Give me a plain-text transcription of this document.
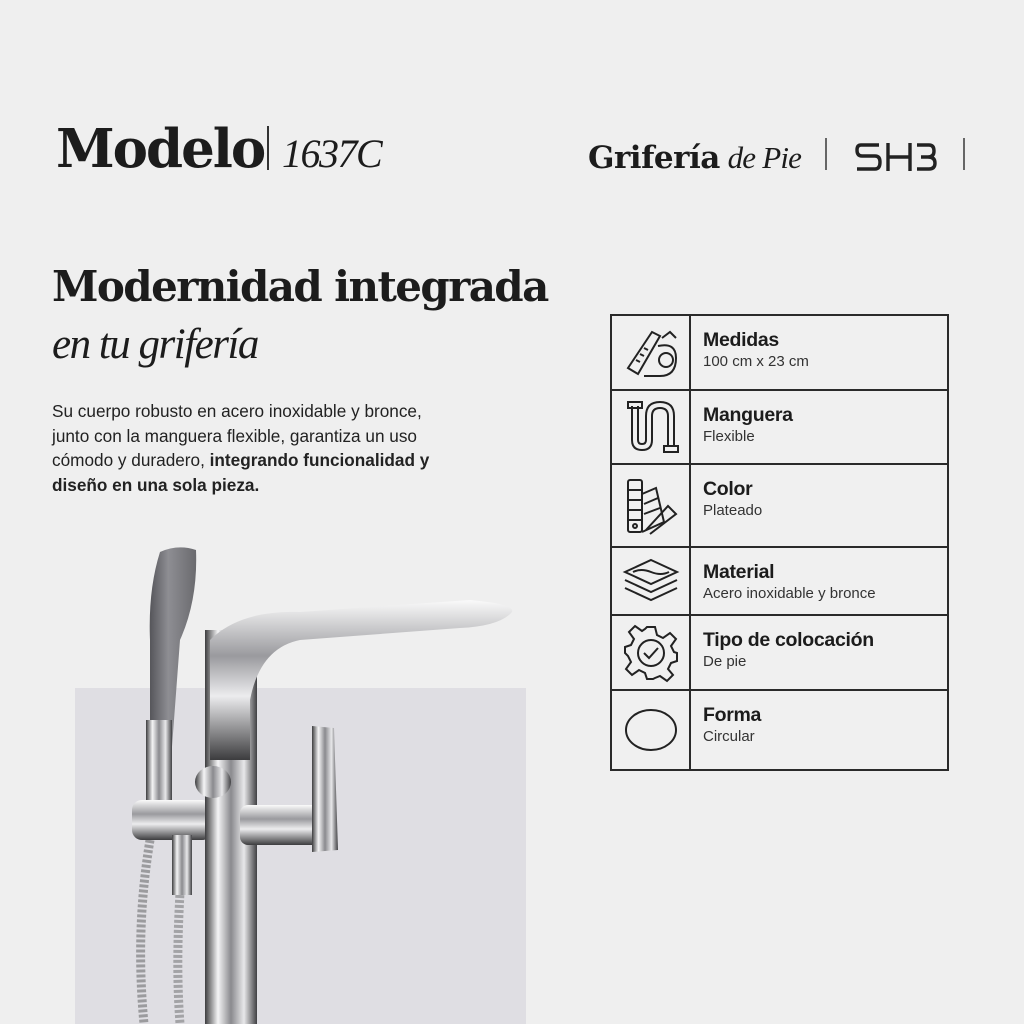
Modelo 1637C	Grifería de Pie
Modernidad integrada
en tu grifería
Su cuerpo robusto en acero inoxidable y bronce, junto con la manguera flexible, garantiza un uso cómodo y duradero, integrando funcionalidad y diseño en una sola pieza.
Medidas
100 cm x 23 cm
Manguera
Flexible
Color
Plateado
Material
Acero inoxidable y bronce
Tipo de colocación
De pie
Forma
Circular
